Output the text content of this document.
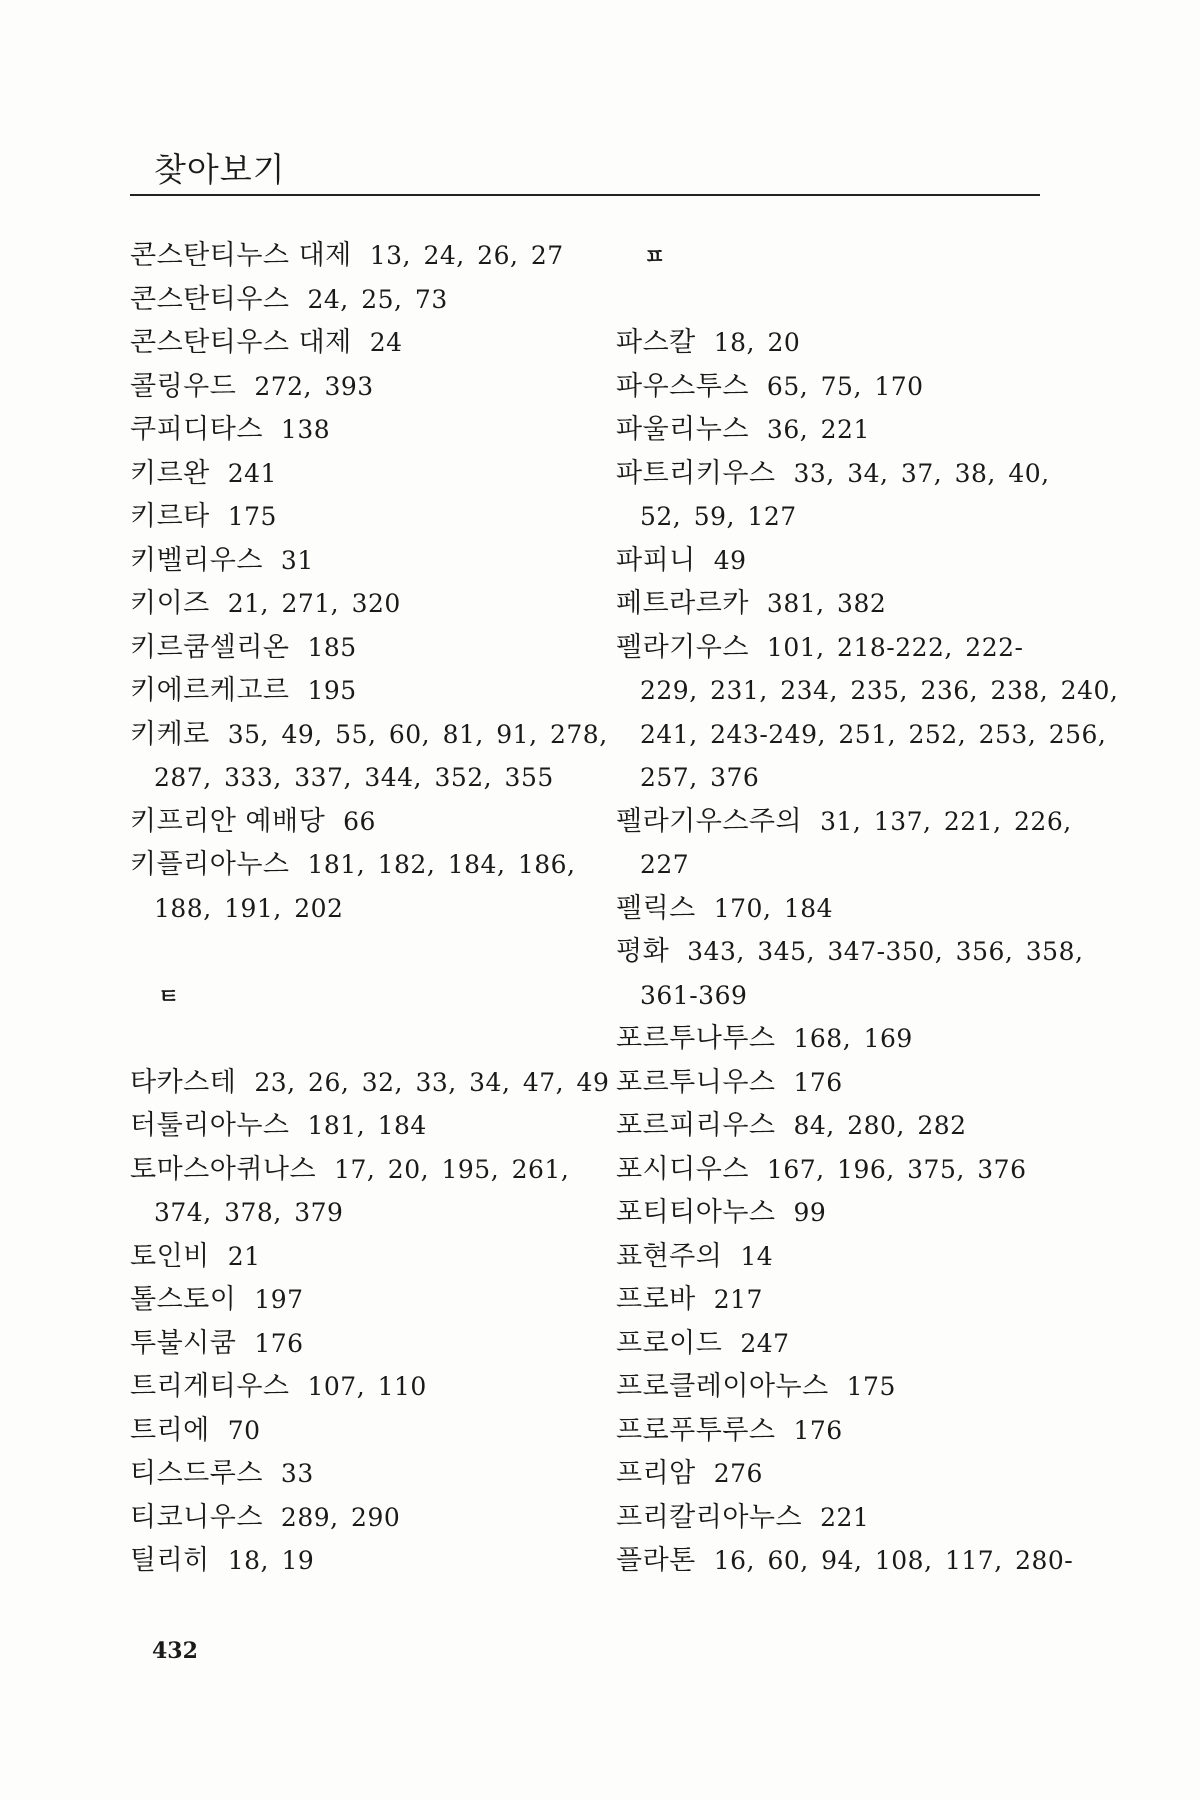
찾아보기
콘스탄티누스 대제 13, 24, 26, 27
콘스탄티우스 24, 25, 73
콘스탄티우스 대제 24
콜링우드 272, 393
쿠피디타스 138
키르완 241
키르타 175
키벨리우스 31
키이즈 21, 271, 320
키르쿰셀리온 185
키에르케고르 195
키케로 35, 49, 55, 60, 81, 91, 278,
287, 333, 337, 344, 352, 355
키프리안 예배당 66
키플리아누스 181, 182, 184, 186,
188, 191, 202
ㅌ
타카스테 23, 26, 32, 33, 34, 47, 49
터툴리아누스 181, 184
토마스아퀴나스 17, 20, 195, 261,
374, 378, 379
토인비 21
톨스토이 197
투불시쿰 176
트리게티우스 107, 110
트리에 70
티스드루스 33
티코니우스 289, 290
틸리히 18, 19
ㅍ
파스칼 18, 20
파우스투스 65, 75, 170
파울리누스 36, 221
파트리키우스 33, 34, 37, 38, 40,
52, 59, 127
파피니 49
페트라르카 381, 382
펠라기우스 101, 218-222, 222-
229, 231, 234, 235, 236, 238, 240,
241, 243-249, 251, 252, 253, 256,
257, 376
펠라기우스주의 31, 137, 221, 226,
227
펠릭스 170, 184
평화 343, 345, 347-350, 356, 358,
361-369
포르투나투스 168, 169
포르투니우스 176
포르피리우스 84, 280, 282
포시디우스 167, 196, 375, 376
포티티아누스 99
표현주의 14
프로바 217
프로이드 247
프로클레이아누스 175
프로푸투루스 176
프리암 276
프리칼리아누스 221
플라톤 16, 60, 94, 108, 117, 280-
432
